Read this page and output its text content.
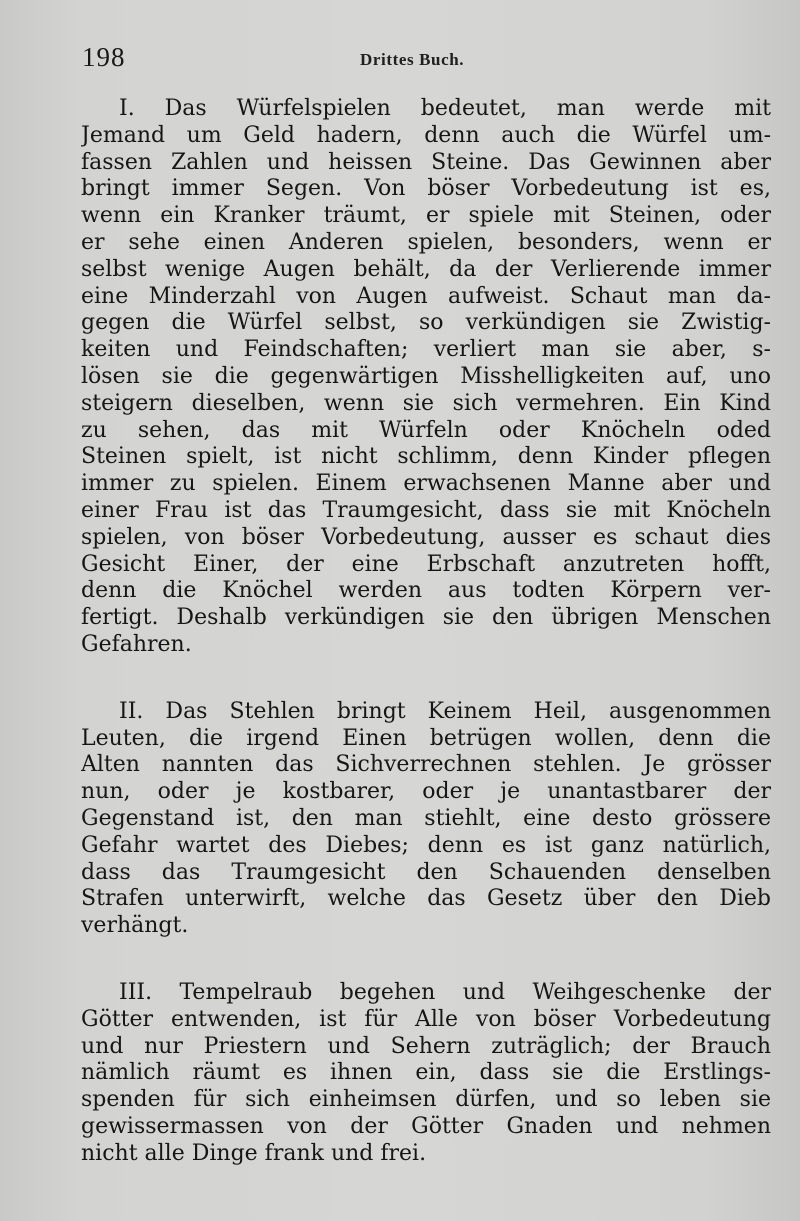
198	Drittes Buch.
I. Das Würfelspielen bedeutet, man werde mit
Jemand um Geld hadern, denn auch die Würfel um-
fassen Zahlen und heissen Steine. Das Gewinnen aber
bringt immer Segen. Von böser Vorbedeutung ist es,
wenn ein Kranker träumt, er spiele mit Steinen, oder
er sehe einen Anderen spielen, besonders, wenn er
selbst wenige Augen behält, da der Verlierende immer
eine Minderzahl von Augen aufweist. Schaut man da-
gegen die Würfel selbst, so verkündigen sie Zwistig-
keiten und Feindschaften; verliert man sie aber, s-
lösen sie die gegenwärtigen Misshelligkeiten auf, uno
steigern dieselben, wenn sie sich vermehren. Ein Kind
zu sehen, das mit Würfeln oder Knöcheln oded
Steinen spielt, ist nicht schlimm, denn Kinder pflegen
immer zu spielen. Einem erwachsenen Manne aber und
einer Frau ist das Traumgesicht, dass sie mit Knöcheln
spielen, von böser Vorbedeutung, ausser es schaut dies
Gesicht Einer, der eine Erbschaft anzutreten hofft,
denn die Knöchel werden aus todten Körpern ver-
fertigt. Deshalb verkündigen sie den übrigen Menschen
Gefahren.
II. Das Stehlen bringt Keinem Heil, ausgenommen
Leuten, die irgend Einen betrügen wollen, denn die
Alten nannten das Sichverrechnen stehlen. Je grösser
nun, oder je kostbarer, oder je unantastbarer der
Gegenstand ist, den man stiehlt, eine desto grössere
Gefahr wartet des Diebes; denn es ist ganz natürlich,
dass das Traumgesicht den Schauenden denselben
Strafen unterwirft, welche das Gesetz über den Dieb
verhängt.
III. Tempelraub begehen und Weihgeschenke der
Götter entwenden, ist für Alle von böser Vorbedeutung
und nur Priestern und Sehern zuträglich; der Brauch
nämlich räumt es ihnen ein, dass sie die Erstlings-
spenden für sich einheimsen dürfen, und so leben sie
gewissermassen von der Götter Gnaden und nehmen
nicht alle Dinge frank und frei.
